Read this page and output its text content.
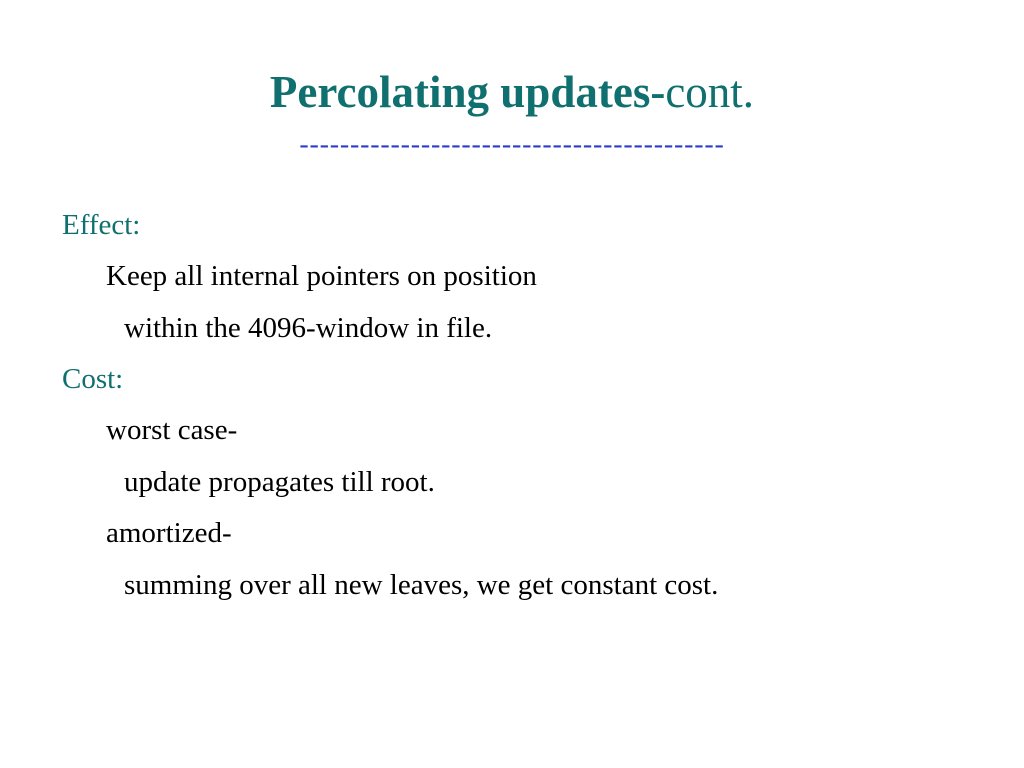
Percolating updates-cont.
------------------------------------------
Effect:
Keep all internal pointers on position
within the 4096-window in file.
Cost:
worst case-
update propagates till root.
amortized-
summing over all new leaves, we get constant cost.
